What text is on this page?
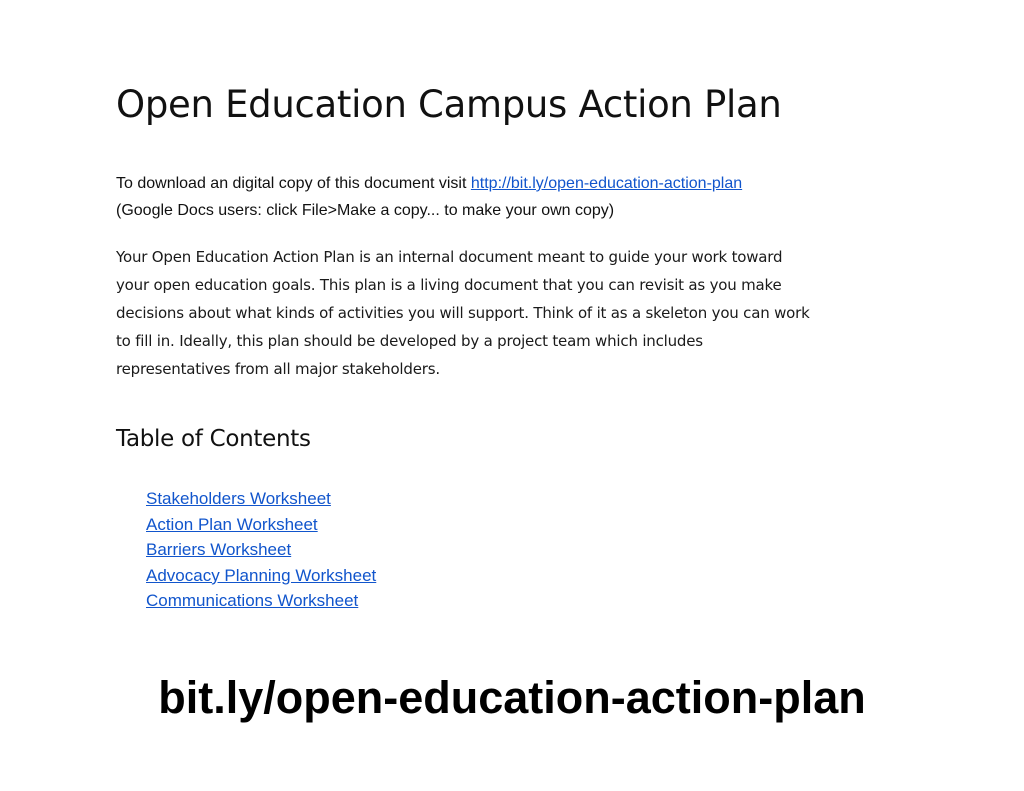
Open Education Campus Action Plan
To download an digital copy of this document visit http://bit.ly/open-education-action-plan
(Google Docs users: click File>Make a copy... to make your own copy)

Your Open Education Action Plan is an internal document meant to guide your work toward
your open education goals. This plan is a living document that you can revisit as you make
decisions about what kinds of activities you will support. Think of it as a skeleton you can work
to fill in. Ideally, this plan should be developed by a project team which includes
representatives from all major stakeholders.

Table of Contents
Stakeholders Worksheet
Action Plan Worksheet
Barriers Worksheet
Advocacy Planning Worksheet
Communications Worksheet
bit.ly/open-education-action-plan
